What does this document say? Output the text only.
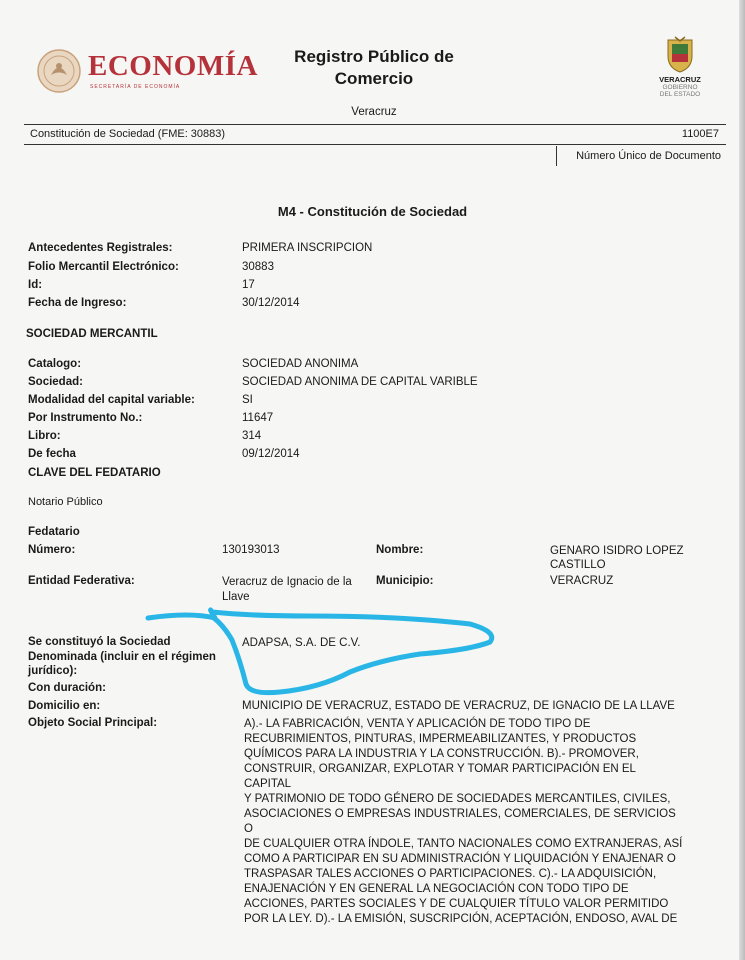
ECONOMÍA
SECRETARÍA DE ECONOMÍA
Registro Público de
Comercio
Veracruz
VERACRUZ
GOBIERNO
DEL ESTADO
Constitución de Sociedad (FME: 30883)	1100E7
Número Único de Documento
M4 - Constitución de Sociedad
Antecedentes Registrales:	PRIMERA INSCRIPCION
Folio Mercantil Electrónico:	30883
Id:	17
Fecha de Ingreso:	30/12/2014
SOCIEDAD MERCANTIL
Catalogo:	SOCIEDAD ANONIMA
Sociedad:	SOCIEDAD ANONIMA DE CAPITAL VARIBLE
Modalidad del capital variable:	SI
Por Instrumento No.:	11647
Libro:	314
De fecha	09/12/2014
CLAVE DEL FEDATARIO
Notario Público
Fedatario
Número:	130193013	Nombre:	GENARO ISIDRO LOPEZ
CASTILLO
Entidad Federativa:	Veracruz de Ignacio de la
Llave
Municipio:	VERACRUZ
Se constituyó la Sociedad
Denominada (incluir en el régimen
jurídico):
ADAPSA, S.A. DE C.V.
Con duración:
Domicilio en:	MUNICIPIO DE VERACRUZ, ESTADO DE VERACRUZ, DE IGNACIO DE LA LLAVE
Objeto Social Principal:	A).- LA FABRICACIÓN, VENTA Y APLICACIÓN DE TODO TIPO DE
RECUBRIMIENTOS, PINTURAS, IMPERMEABILIZANTES, Y PRODUCTOS
QUÍMICOS PARA LA INDUSTRIA Y LA CONSTRUCCIÓN. B).- PROMOVER,
CONSTRUIR, ORGANIZAR, EXPLOTAR Y TOMAR PARTICIPACIÓN EN EL CAPITAL
Y PATRIMONIO DE TODO GÉNERO DE SOCIEDADES MERCANTILES, CIVILES,
ASOCIACIONES O EMPRESAS INDUSTRIALES, COMERCIALES, DE SERVICIOS O
DE CUALQUIER OTRA ÍNDOLE, TANTO NACIONALES COMO EXTRANJERAS, ASÍ
COMO A PARTICIPAR EN SU ADMINISTRACIÓN Y LIQUIDACIÓN Y ENAJENAR O
TRASPASAR TALES ACCIONES O PARTICIPACIONES. C).- LA ADQUISICIÓN,
ENAJENACIÓN Y EN GENERAL LA NEGOCIACIÓN CON TODO TIPO DE
ACCIONES, PARTES SOCIALES Y DE CUALQUIER TÍTULO VALOR PERMITIDO
POR LA LEY. D).- LA EMISIÓN, SUSCRIPCIÓN, ACEPTACIÓN, ENDOSO, AVAL DE
